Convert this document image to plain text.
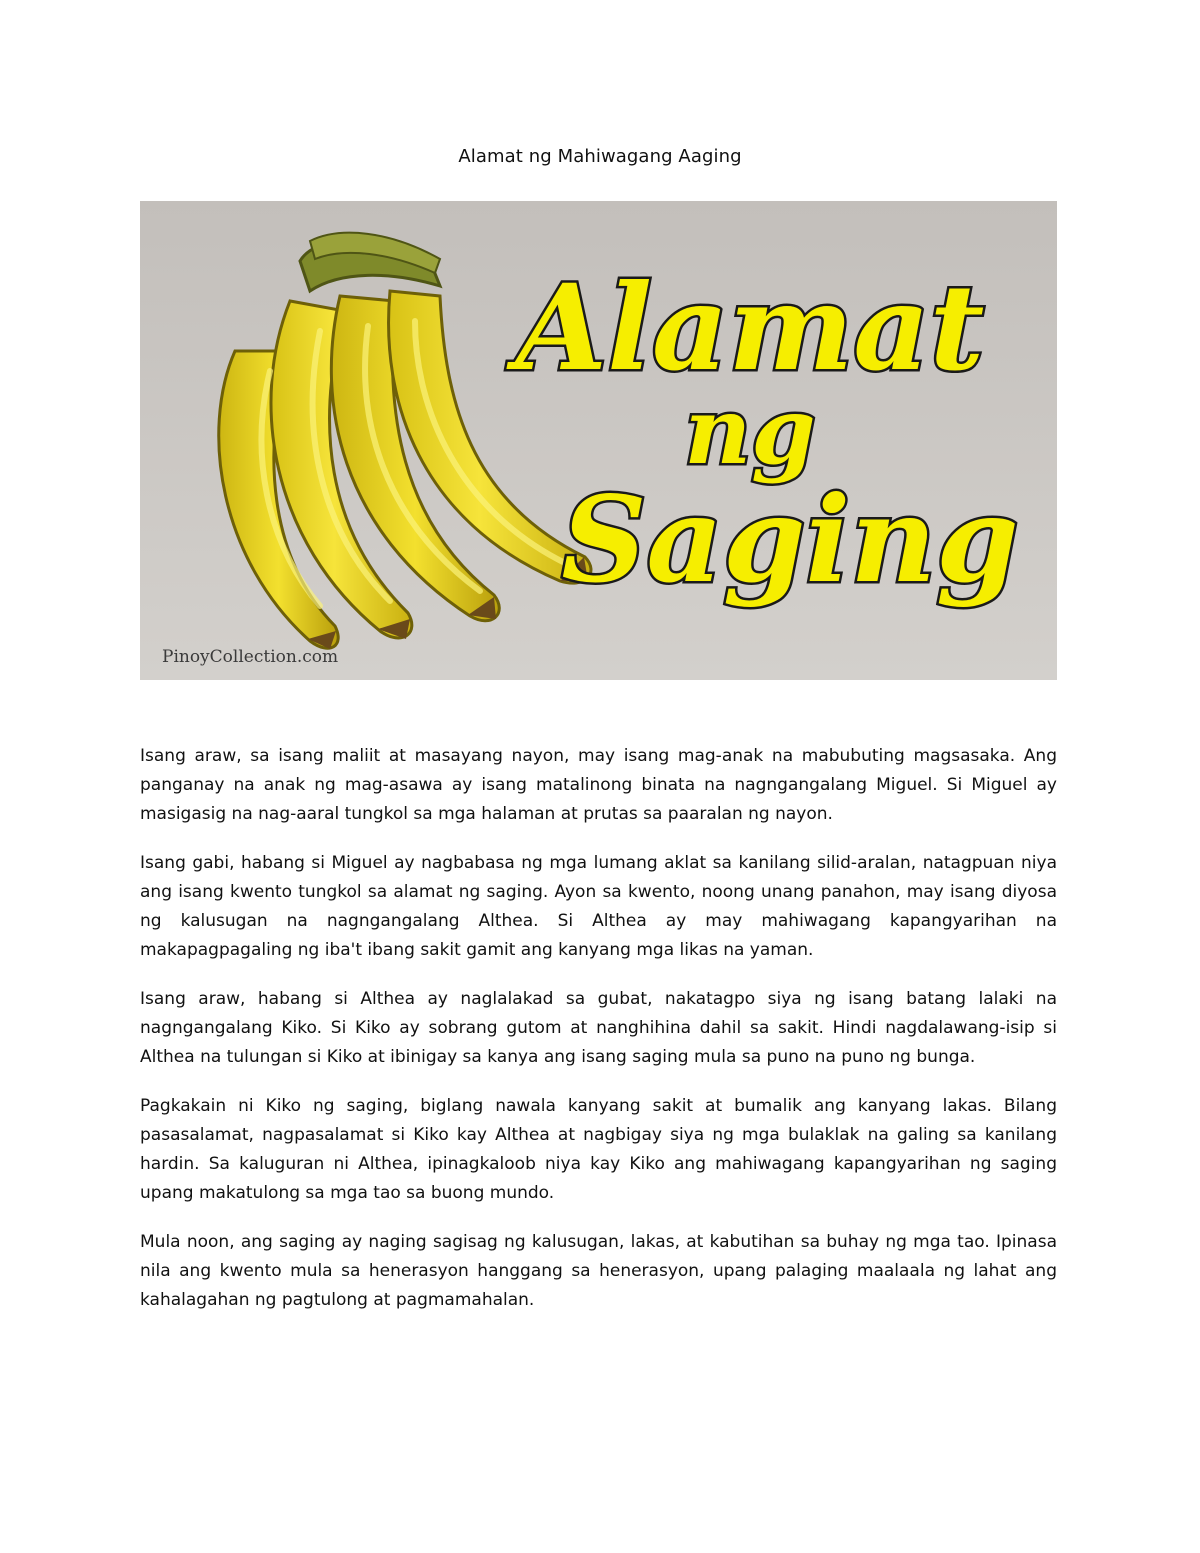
Alamat ng Mahiwagang Aaging
Alamat
ng
Saging
PinoyCollection.com

Isang araw, sa isang maliit at masayang nayon, may isang mag-anak na mabubuting magsasaka. Ang panganay na anak ng mag-asawa ay isang matalinong binata na nagngangalang Miguel. Si Miguel ay masigasig na nag-aaral tungkol sa mga halaman at prutas sa paaralan ng nayon.

Isang gabi, habang si Miguel ay nagbabasa ng mga lumang aklat sa kanilang silid-aralan, natagpuan niya ang isang kwento tungkol sa alamat ng saging. Ayon sa kwento, noong unang panahon, may isang diyosa ng kalusugan na nagngangalang Althea. Si Althea ay may mahiwagang kapangyarihan na makapagpagaling ng iba't ibang sakit gamit ang kanyang mga likas na yaman.

Isang araw, habang si Althea ay naglalakad sa gubat, nakatagpo siya ng isang batang lalaki na nagngangalang Kiko. Si Kiko ay sobrang gutom at nanghihina dahil sa sakit. Hindi nagdalawang-isip si Althea na tulungan si Kiko at ibinigay sa kanya ang isang saging mula sa puno na puno ng bunga.

Pagkakain ni Kiko ng saging, biglang nawala kanyang sakit at bumalik ang kanyang lakas. Bilang pasasalamat, nagpasalamat si Kiko kay Althea at nagbigay siya ng mga bulaklak na galing sa kanilang hardin. Sa kaluguran ni Althea, ipinagkaloob niya kay Kiko ang mahiwagang kapangyarihan ng saging upang makatulong sa mga tao sa buong mundo.

Mula noon, ang saging ay naging sagisag ng kalusugan, lakas, at kabutihan sa buhay ng mga tao. Ipinasa nila ang kwento mula sa henerasyon hanggang sa henerasyon, upang palaging maalaala ng lahat ang kahalagahan ng pagtulong at pagmamahalan.
